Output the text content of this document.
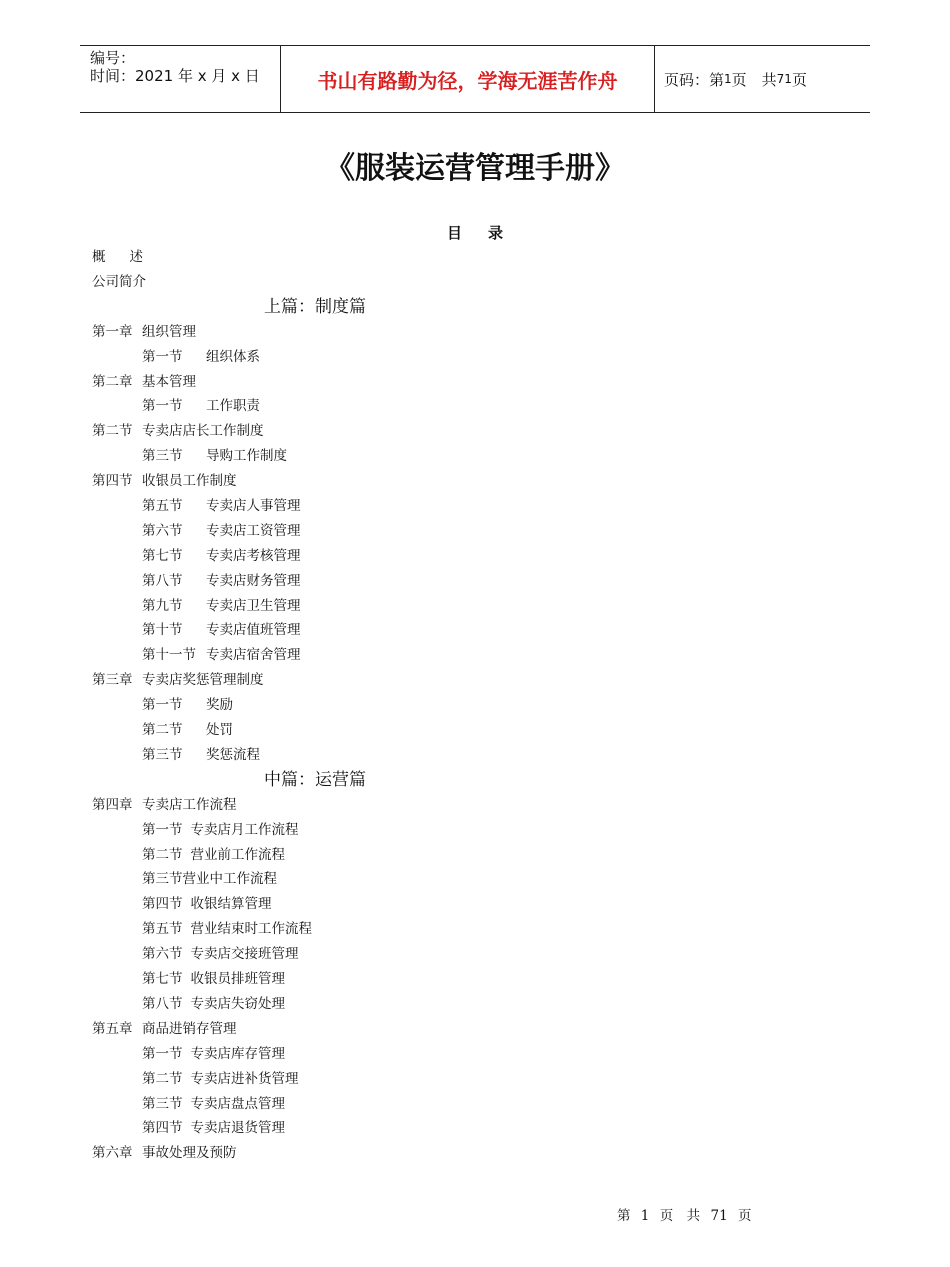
编号：
时间：2021 年 x 月 x 日	书山有路勤为径，学海无涯苦作舟	页码：第 1 页　共 71 页
《服装运营管理手册》
目录
概述
公司简介
上篇：制度篇
第一章 组织管理
第一节 组织体系
第二章 基本管理
第一节 工作职责
第二节 专卖店店长工作制度
第三节 导购工作制度
第四节 收银员工作制度
第五节 专卖店人事管理
第六节 专卖店工资管理
第七节 专卖店考核管理
第八节 专卖店财务管理
第九节 专卖店卫生管理
第十节 专卖店值班管理
第十一节 专卖店宿舍管理
第三章 专卖店奖惩管理制度
第一节 奖励
第二节 处罚
第三节 奖惩流程
中篇：运营篇
第四章 专卖店工作流程
第一节 专卖店月工作流程
第二节 营业前工作流程
第三节营业中工作流程
第四节 收银结算管理
第五节 营业结束时工作流程
第六节 专卖店交接班管理
第七节 收银员排班管理
第八节 专卖店失窃处理
第五章 商品进销存管理
第一节 专卖店库存管理
第二节 专卖店进补货管理
第三节 专卖店盘点管理
第四节 专卖店退货管理
第六章 事故处理及预防
第 1 页　共 71 页
